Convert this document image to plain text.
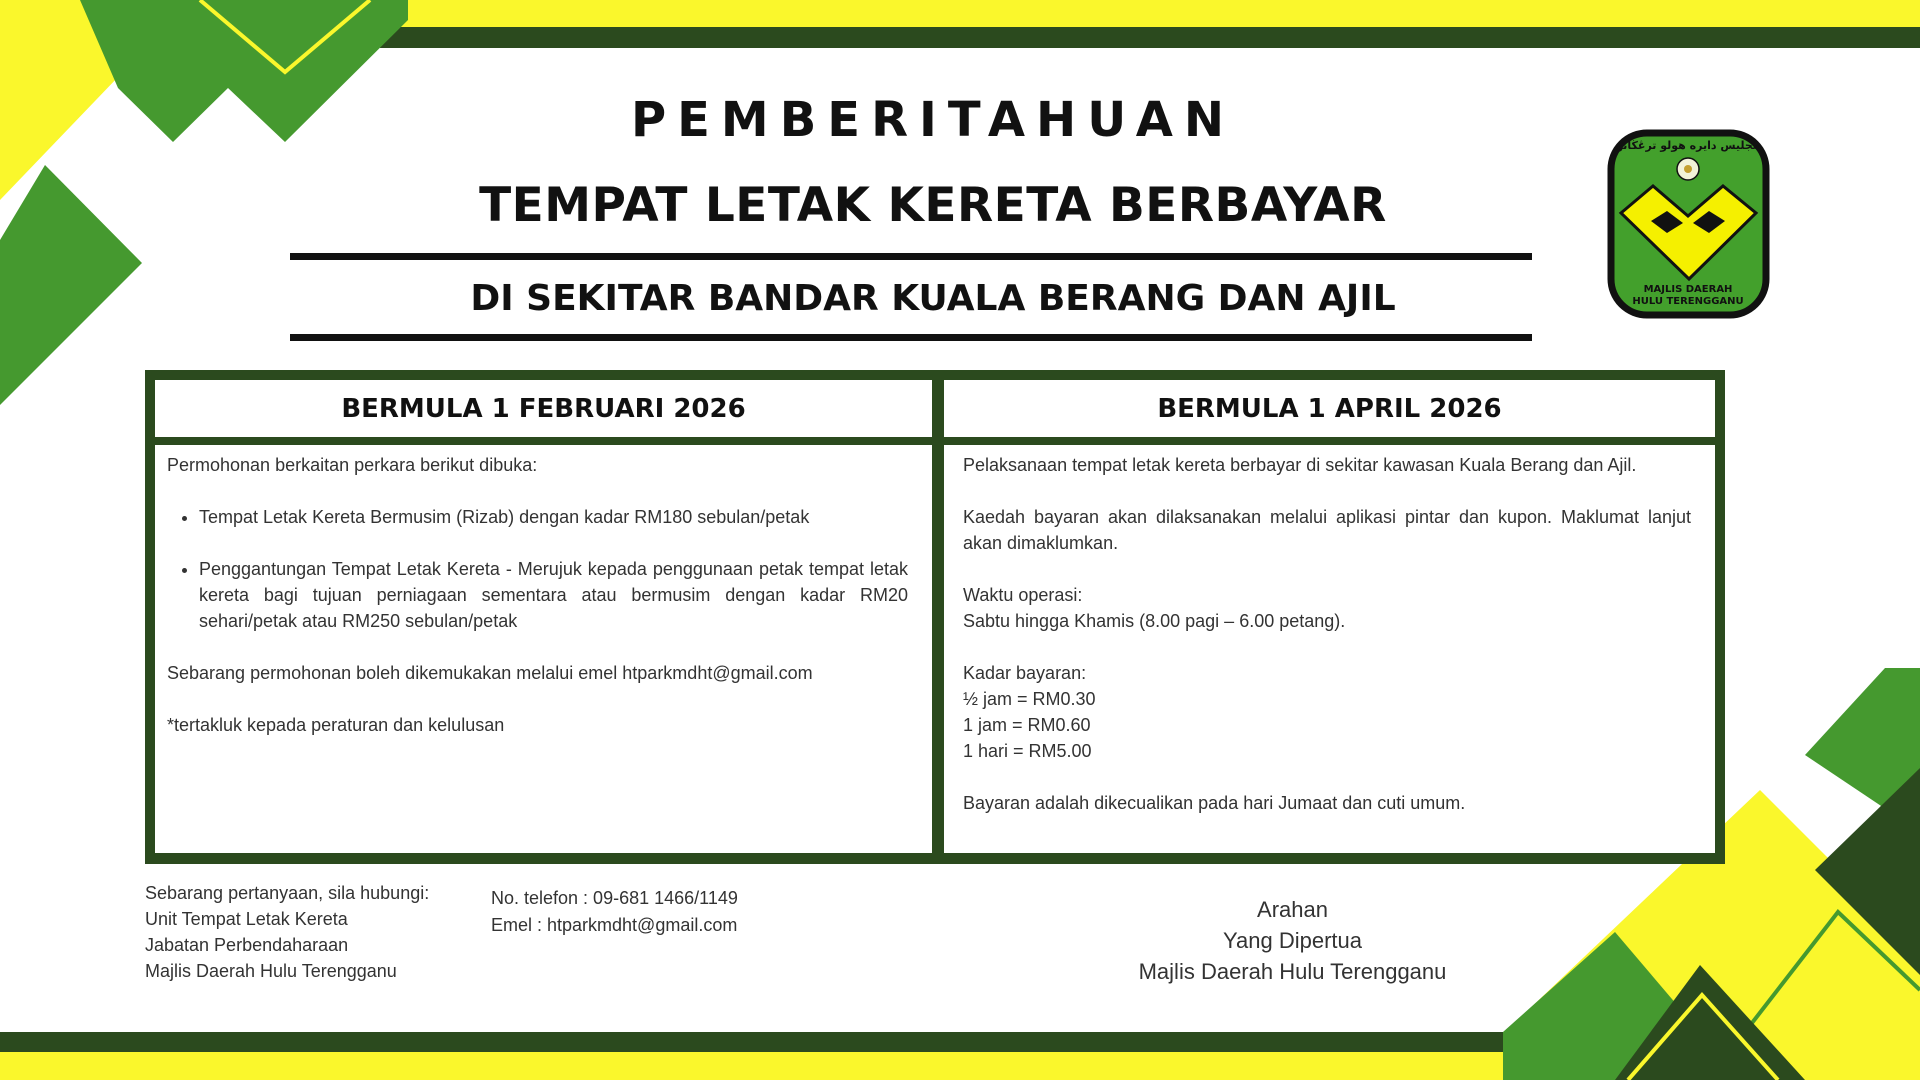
PEMBERITAHUAN
TEMPAT LETAK KERETA BERBAYAR
DI SEKITAR BANDAR KUALA BERANG DAN AJIL
مجليس دايره هولو ترڠڬانو
MAJLIS DAERAH
HULU TERENGGANU
BERMULA 1 FEBRUARI 2026	BERMULA 1 APRIL 2026

Permohonan berkaitan perkara berikut dibuka:

• Tempat Letak Kereta Bermusim (Rizab) dengan kadar RM180 sebulan/petak
• Penggantungan Tempat Letak Kereta - Merujuk kepada penggunaan petak tempat letak kereta bagi tujuan perniagaan sementara atau bermusim dengan kadar RM20 sehari/petak atau RM250 sebulan/petak

Sebarang permohonan boleh dikemukakan melalui emel htparkmdht@gmail.com

*tertakluk kepada peraturan dan kelulusan

Pelaksanaan tempat letak kereta berbayar di sekitar kawasan Kuala Berang dan Ajil.

Kaedah bayaran akan dilaksanakan melalui aplikasi pintar dan kupon. Maklumat lanjut akan dimaklumkan.

Waktu operasi:

Sabtu hingga Khamis (8.00 pagi – 6.00 petang).

Kadar bayaran:

½ jam = RM0.30

1 jam = RM0.60

1 hari = RM5.00

Bayaran adalah dikecualikan pada hari Jumaat dan cuti umum.

Sebarang pertanyaan, sila hubungi:
Unit Tempat Letak Kereta
Jabatan Perbendaharaan
Majlis Daerah Hulu Terengganu
No. telefon : 09-681 1466/1149
Emel : htparkmdht@gmail.com
Arahan
Yang Dipertua
Majlis Daerah Hulu Terengganu
